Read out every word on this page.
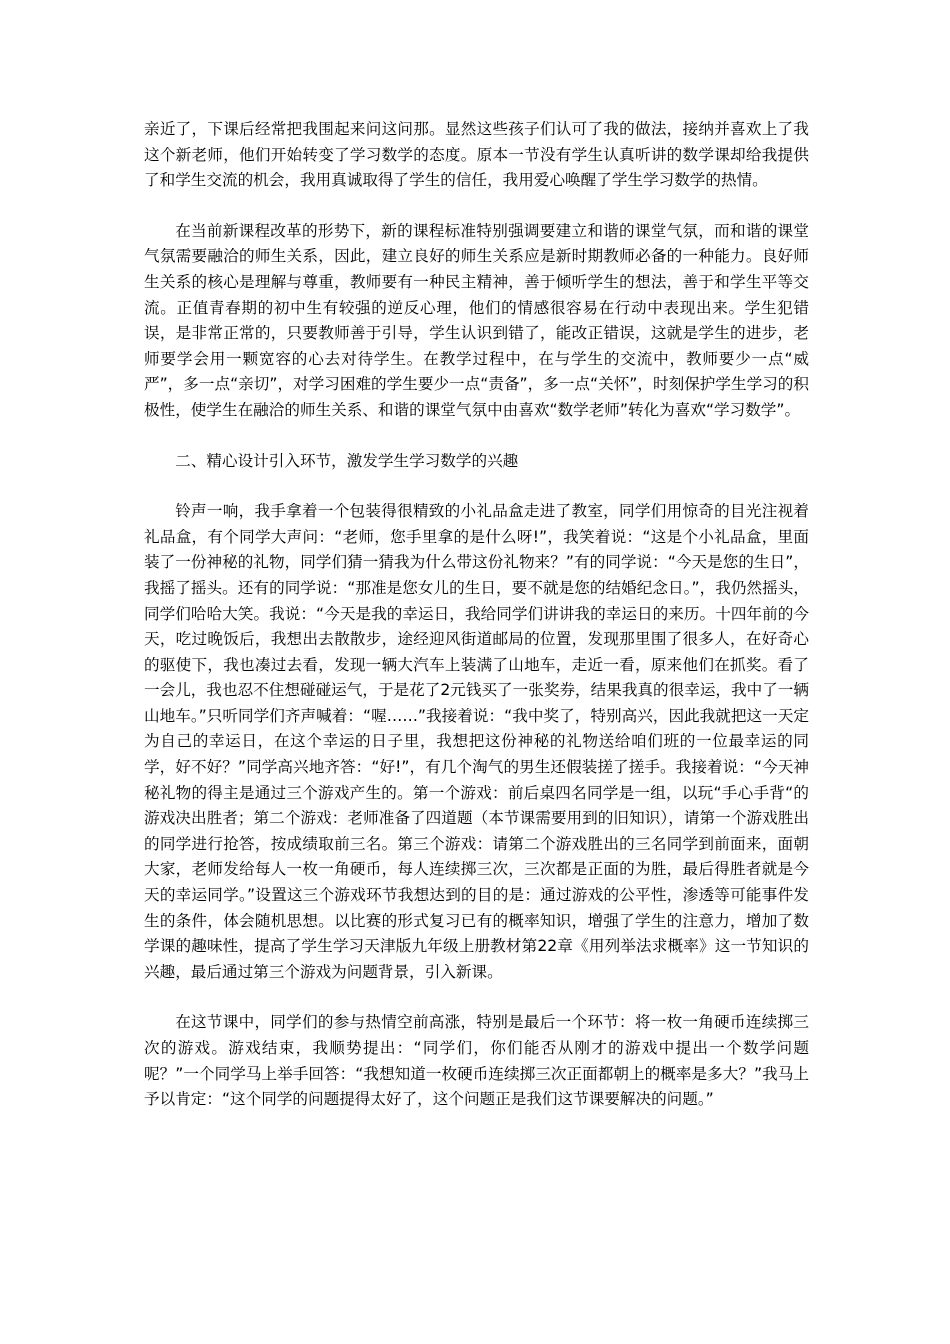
亲近了，下课后经常把我围起来问这问那。显然这些孩子们认可了我的做法，接纳并喜欢上了我这个新老师，他们开始转变了学习数学的态度。原本一节没有学生认真听讲的数学课却给我提供了和学生交流的机会，我用真诚取得了学生的信任，我用爱心唤醒了学生学习数学的热情。

在当前新课程改革的形势下，新的课程标准特别强调要建立和谐的课堂气氛，而和谐的课堂气氛需要融洽的师生关系，因此，建立良好的师生关系应是新时期教师必备的一种能力。良好师生关系的核心是理解与尊重，教师要有一种民主精神，善于倾听学生的想法，善于和学生平等交流。正值青春期的初中生有较强的逆反心理，他们的情感很容易在行动中表现出来。学生犯错误，是非常正常的，只要教师善于引导，学生认识到错了，能改正错误，这就是学生的进步，老师要学会用一颗宽容的心去对待学生。在教学过程中，在与学生的交流中，教师要少一点“威严”，多一点“亲切”，对学习困难的学生要少一点“责备”，多一点“关怀”，时刻保护学生学习的积极性，使学生在融洽的师生关系、和谐的课堂气氛中由喜欢“数学老师”转化为喜欢“学习数学”。

二、精心设计引入环节，激发学生学习数学的兴趣

铃声一响，我手拿着一个包装得很精致的小礼品盒走进了教室，同学们用惊奇的目光注视着礼品盒，有个同学大声问：“老师，您手里拿的是什么呀!”，我笑着说：“这是个小礼品盒，里面装了一份神秘的礼物，同学们猜一猜我为什么带这份礼物来？”有的同学说：“今天是您的生日”，我摇了摇头。还有的同学说：“那准是您女儿的生日，要不就是您的结婚纪念日。”，我仍然摇头，同学们哈哈大笑。我说：“今天是我的幸运日，我给同学们讲讲我的幸运日的来历。十四年前的今天，吃过晚饭后，我想出去散散步，途经迎风街道邮局的位置，发现那里围了很多人，在好奇心的驱使下，我也凑过去看，发现一辆大汽车上装满了山地车，走近一看，原来他们在抓奖。看了一会儿，我也忍不住想碰碰运气，于是花了2元钱买了一张奖券，结果我真的很幸运，我中了一辆山地车。”只听同学们齐声喊着：“喔……”我接着说：“我中奖了，特别高兴，因此我就把这一天定为自己的幸运日，在这个幸运的日子里，我想把这份神秘的礼物送给咱们班的一位最幸运的同学，好不好？”同学高兴地齐答：“好!”，有几个淘气的男生还假装搓了搓手。我接着说：“今天神秘礼物的得主是通过三个游戏产生的。第一个游戏：前后桌四名同学是一组，以玩“手心手背“的游戏决出胜者；第二个游戏：老师准备了四道题（本节课需要用到的旧知识），请第一个游戏胜出的同学进行抢答，按成绩取前三名。第三个游戏：请第二个游戏胜出的三名同学到前面来，面朝大家，老师发给每人一枚一角硬币，每人连续掷三次，三次都是正面的为胜，最后得胜者就是今天的幸运同学。”设置这三个游戏环节我想达到的目的是：通过游戏的公平性，渗透等可能事件发生的条件，体会随机思想。以比赛的形式复习已有的概率知识，增强了学生的注意力，增加了数学课的趣味性，提高了学生学习天津版九年级上册教材第22章《用列举法求概率》这一节知识的兴趣，最后通过第三个游戏为问题背景，引入新课。

在这节课中，同学们的参与热情空前高涨，特别是最后一个环节：将一枚一角硬币连续掷三次的游戏。游戏结束，我顺势提出：“同学们，你们能否从刚才的游戏中提出一个数学问题呢？”一个同学马上举手回答：“我想知道一枚硬币连续掷三次正面都朝上的概率是多大？”我马上予以肯定：“这个同学的问题提得太好了，这个问题正是我们这节课要解决的问题。”
